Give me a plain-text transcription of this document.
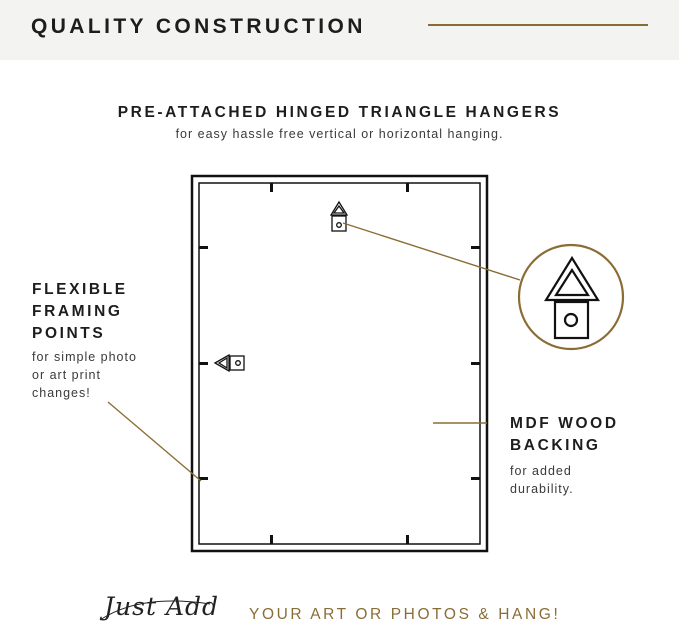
QUALITY CONSTRUCTION
PRE-ATTACHED HINGED TRIANGLE HANGERS
for easy hassle free vertical or horizontal hanging.
FLEXIBLE
FRAMING
POINTS
for simple photo
or art print
changes!
MDF WOOD
BACKING
for added
durability.
Just Add YOUR ART OR PHOTOS & HANG!
